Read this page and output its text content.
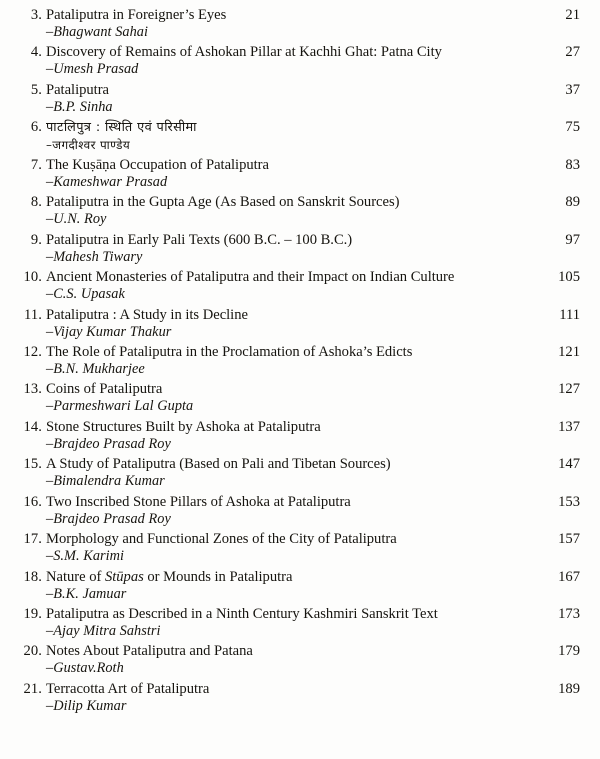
3. Pataliputra in Foreigner’s Eyes	21
–Bhagwant Sahai
4. Discovery of Remains of Ashokan Pillar at Kachhi Ghat: Patna City	27
–Umesh Prasad
5. Pataliputra	37
–B.P. Sinha
6. पाटलिपुत्र : स्थिति एवं परिसीमा	75
–जगदीश्वर पाण्डेय
7. The Kuṣāṇa Occupation of Pataliputra	83
–Kameshwar Prasad
8. Pataliputra in the Gupta Age (As Based on Sanskrit Sources)	89
–U.N. Roy
9. Pataliputra in Early Pali Texts (600 B.C. – 100 B.C.)	97
–Mahesh Tiwary
10. Ancient Monasteries of Pataliputra and their Impact on Indian Culture	105
–C.S. Upasak
11. Pataliputra : A Study in its Decline	111
–Vijay Kumar Thakur
12. The Role of Pataliputra in the Proclamation of Ashoka’s Edicts	121
–B.N. Mukharjee
13. Coins of Pataliputra	127
–Parmeshwari Lal Gupta
14. Stone Structures Built by Ashoka at Pataliputra	137
–Brajdeo Prasad Roy
15. A Study of Pataliputra (Based on Pali and Tibetan Sources)	147
–Bimalendra Kumar
16. Two Inscribed Stone Pillars of Ashoka at Pataliputra	153
–Brajdeo Prasad Roy
17. Morphology and Functional Zones of the City of Pataliputra	157
–S.M. Karimi
18. Nature of Stūpas or Mounds in Pataliputra	167
–B.K. Jamuar
19. Pataliputra as Described in a Ninth Century Kashmiri Sanskrit Text	173
–Ajay Mitra Sahstri
20. Notes About Pataliputra and Patana	179
–Gustav.Roth
21. Terracotta Art of Pataliputra	189
–Dilip Kumar
